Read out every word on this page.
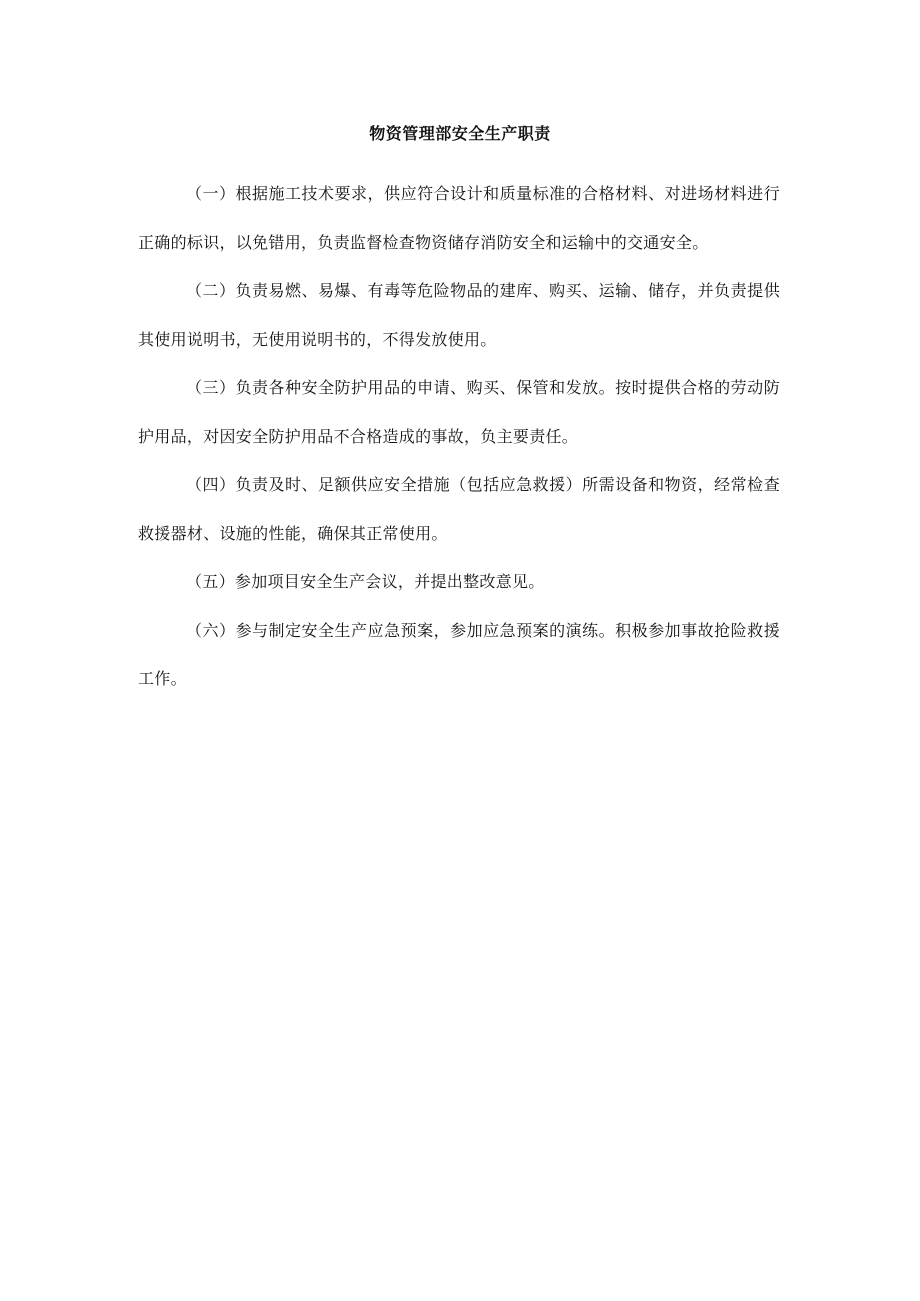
物资管理部安全生产职责

（一）根据施工技术要求，供应符合设计和质量标准的合格材料、对进场材料进行正确的标识，以免错用，负责监督检查物资储存消防安全和运输中的交通安全。

（二）负责易燃、易爆、有毒等危险物品的建库、购买、运输、储存，并负责提供其使用说明书，无使用说明书的，不得发放使用。

（三）负责各种安全防护用品的申请、购买、保管和发放。按时提供合格的劳动防护用品，对因安全防护用品不合格造成的事故，负主要责任。

（四）负责及时、足额供应安全措施（包括应急救援）所需设备和物资，经常检查救援器材、设施的性能，确保其正常使用。

（五）参加项目安全生产会议，并提出整改意见。

（六）参与制定安全生产应急预案，参加应急预案的演练。积极参加事故抢险救援工作。
